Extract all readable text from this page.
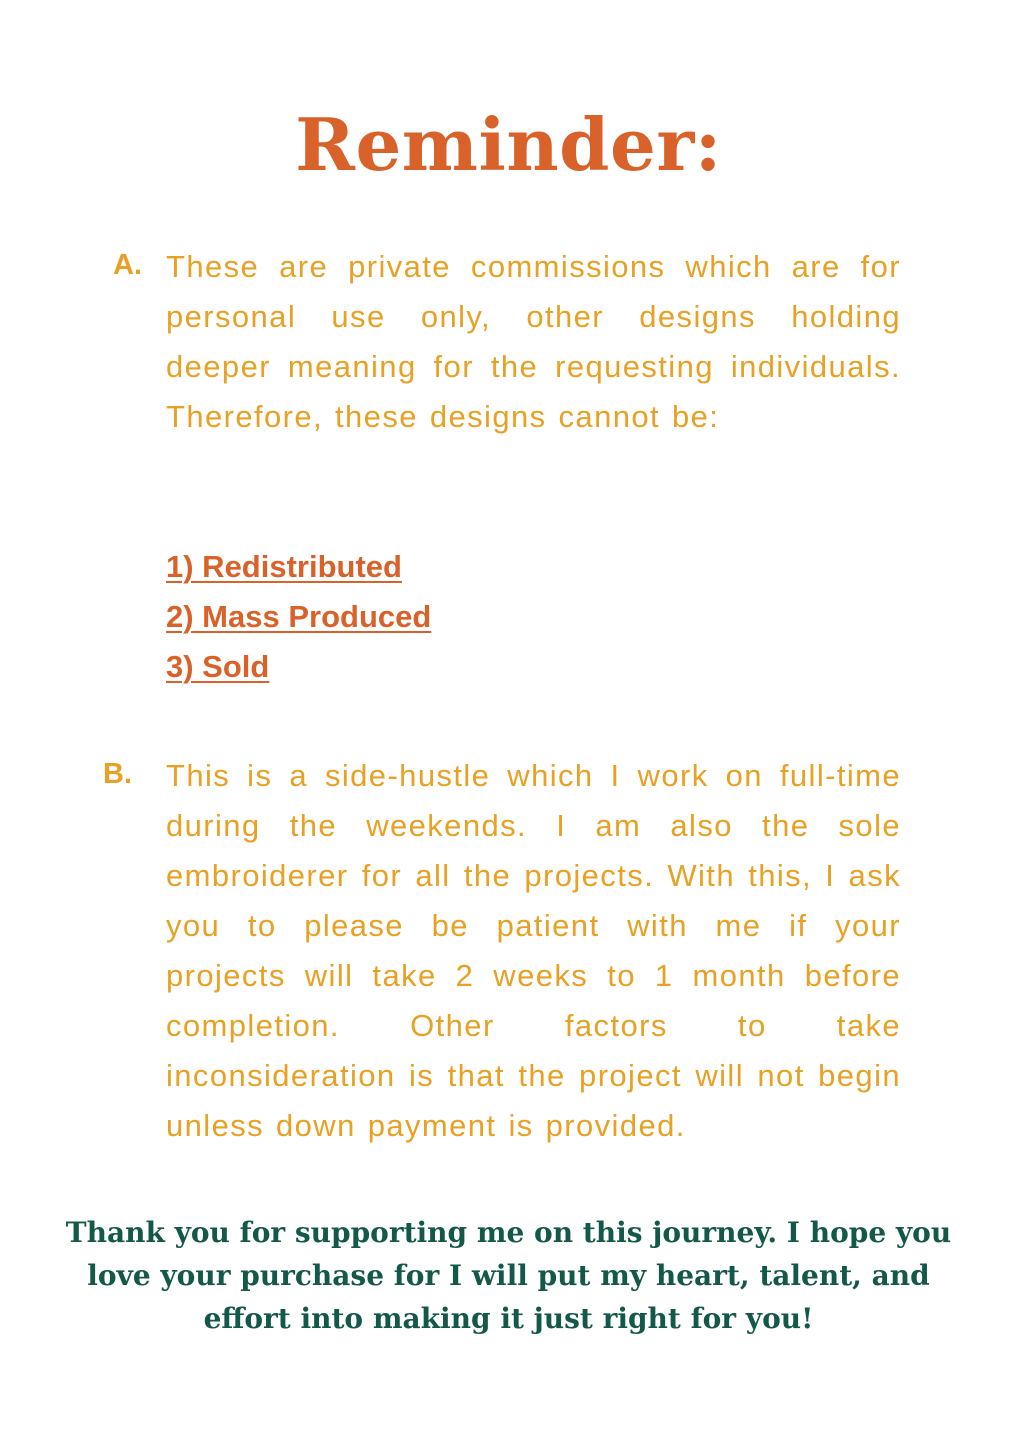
Reminder:
A. These are private commissions which are for personal use only, other designs holding deeper meaning for the requesting individuals. Therefore, these designs cannot be:

1) Redistributed
2) Mass Produced
3) Sold
B. This is a side-hustle which I work on full-time during the weekends. I am also the sole embroiderer for all the projects. With this, I ask you to please be patient with me if your projects will take 2 weeks to 1 month before completion. Other factors to take inconsideration is that the project will not begin unless down payment is provided.

Thank you for supporting me on this journey. I hope you love your purchase for I will put my heart, talent, and effort into making it just right for you!
